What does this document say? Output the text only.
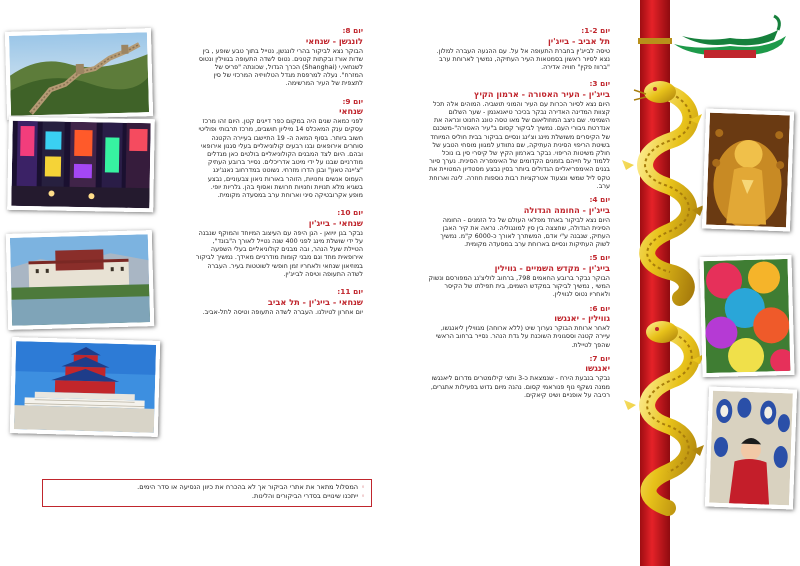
יום 8:
לונגשן - שנחאי
הבוקר נצא לביקור בהרי לונגשן, נטייל בתוך טבע שופע , בין שדות אורז ובקתות קטנים. נטוס לשדה התעופה בגווילין ונטוס לשנחאי,י (Shanghai) הכרך הגדול, שכונתה "פריס של המזרח". נעלה למרפסת מגדל הטלוויזיה המרכזי של סין לתצפית של העיר המרשימה.
יום 9:
שנחאי
לפני כמאה שנים היה במקום כפר דייגים קטן. היום זהו מרכז עסקים ענק המאכלס 14 מיליון תושבים, מרכז תרבותי ופוליטי חשוב ביותר. בסוף המאה ה- 19 התיישבו בעיירה הקטנה סוחרים אירופאים ובנו רבעים קולוניאליים בעלי סגנון אירופאי ובהם. היום לצד המבנים הקולוניאליים בולטים כאן מגדלים מודרניים שבנו על ידי מיטב אדריכלים. נסייר ברובע העתיק "צ'יינה טאון" ובגן הדרו מזרחי. נשוטט במדרחוב נאנג'ינג העמוס אנשים וחנויות, הזוהר באורות ניאון צבעוניים, נבצע בשגיא מלא תנויות וחנויות חרושת ואסוף בהן. גלריות יופי. מופע אקרובטיקה סיני וארוחת ערב במסעדה מקומית.
יום 10:
שנחאי - בייג'ין
נבקר בגן יויואן - הגן היפה עם העיצוב המיוחד והמוקף שנבנה על ידי שושלת מינג לפני 400 שנה נטייל לאורך ה"בונד", הטיילת שעל הנהר, ובה מבנים קולוניאליים בעלי השפעה אירופאית מחד וגם מבני קומות מודרניים מאידך. נמשיך לביקור במוזיאון שנחאי ולאחריו זמן חופשי לשוטטות בעיר. העברה לשדה התעופה וטיסה לבייג'ין.
יום 11:
שנחאי - בייג'ין - תל אביב
יום אחרון לטיולנו. העברה לשדה התעופה וטיסה לתל-אביב.
◦המסלול מתאר את אתרי הביקור אך לא בהכרח את כיוון הנסיעה או סדר הימים.
◦ייתכנו שינויים בסדרי הביקורים והלינות.
יום 1-2:
תל אביב - בייג'ין
טיסה לבייג'ין בחברת התעופה אל על. עם ההגעה העברה למלון. נצא לסיור ראשון בסמטאות העיר העתיקה, נמשיך לארוחת ערב "ברווז פקין" חוויה אדירה.
יום 3:
בייג'ין - העיר האסורה - ארמון הקיץ
היום נצא לסיור הכרות עם העיר והמוני תושביה. המוהים אלה תכל קצוות המדינה האדירה נבקר בכיכר טיאנאנמן - שער השלום השמימי. שם ניצב המוזוליאום של מאו טסה טונג החנוט ונראה את אנדרטת גיבורי העם. נמשיך לביקור קסום ב"עיר האסורה"-משכנם של הקיסרים משושלת מינג וצ'ינג ונסיים בביקור בבית חוליס המיוחד בשיטת הריפוי הסינית העתיקה, שם נתוודע למגוון מוסחי הטבע של חולק משיטות הריפוי. נבקר בארמון הקיץ של קיסרי סין בו נוכל ללמוד על חייהם בזמנים הקדומים של האימפריה הסינית. נערך סיור בגנים האימפריאליים הגדולים ביותר בסין נבצע מסטדיון המטויית את טקס ליל שמשי ונצעוד אטרקציות רבות נוספות חוזרה. לינה וארוחת ערב.
יום 4:
בייג'ין - החומה הגדולה
היום נצא לביקור באחד מפלאי העולם של כל הזמנים - החומה הסינית הגדולה, שחצצה בין סין למונגוליה. נראה את קיר האבן העתיק, שנבנה ע"י אדם, המשתרך לאורך כ-6000 ק"מ. נמשיך לשוק העתיקות ונסיים בארוחת ערב במסעדה מקומית.
יום 5:
בייג'ין - מקדש השמיים - גווילין
הבוקר נבקר ברובע החאמים 798, ברחוב לוליצ'נג המפורסם ונשוק המשי , נמשיך לביקור במקדש השמים, בית תפילתו של הקיסר ולאחריו נטוס לגווילין.
יום 6:
גווילין - יאנגשו
לאחר ארוחת הבוקר נערוך שיט (ללא ארוחה) מגווילין ליאנגשו, עיירה קטנה וססגונית השוכנת על גדת הנהר. נסייר ברחוב הראשי שהפך לטיילת.
יום 7:
יאנגשו
נבקר בנבעת הירח - שנמצאת כ-3 ותצי קילומטרים מדרום ליאנגשו ממנה נשקף נוף פנוראמי קסום. נהנה מיום גדוש בפעילות אתגרים, רכיבה על אופניים ושיט קיאקים.
